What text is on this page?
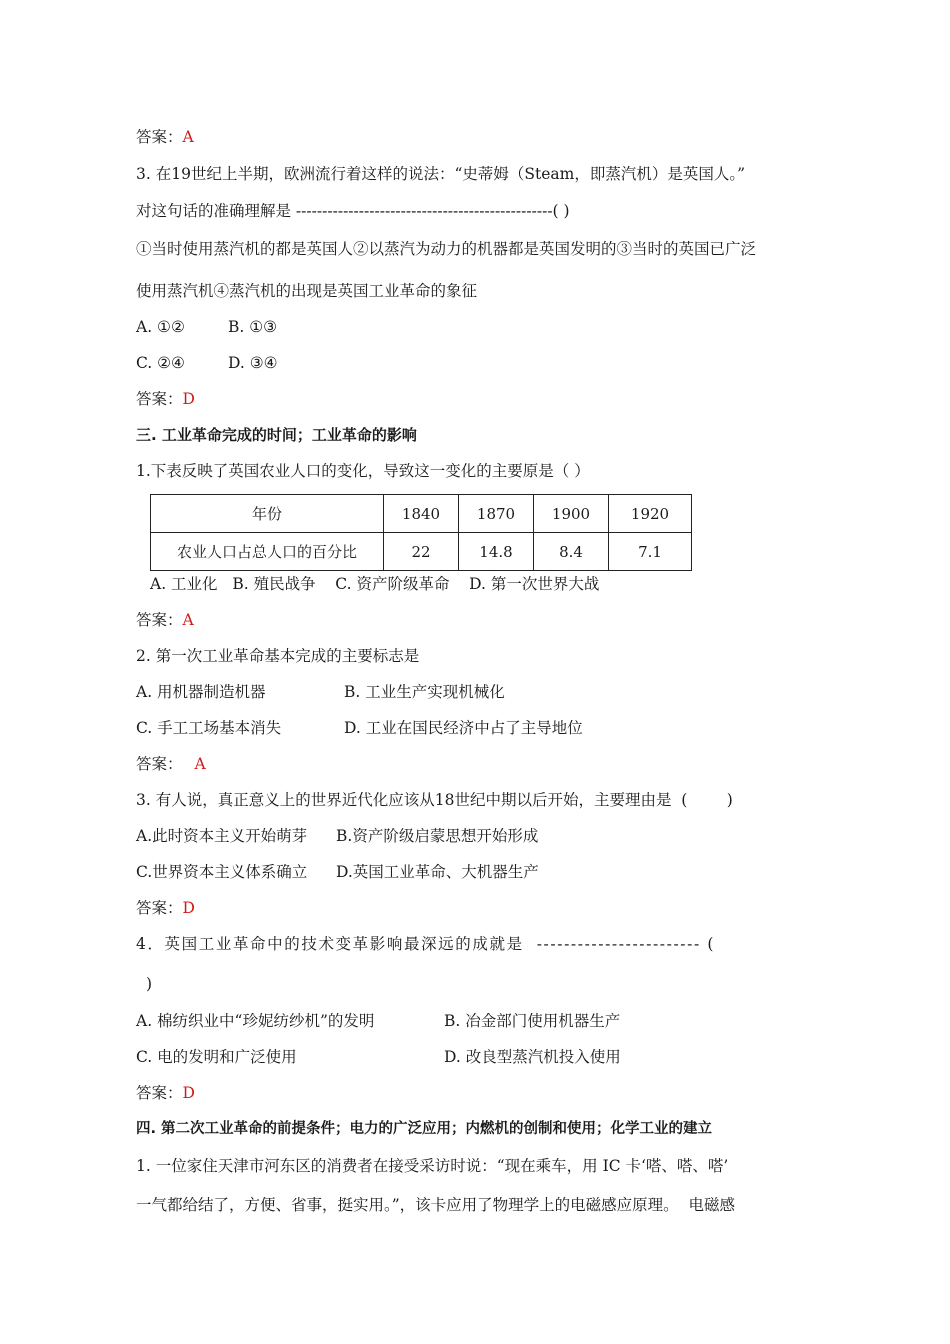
答案：A
3. 在19世纪上半期，欧洲流行着这样的说法：“史蒂姆（Steam，即蒸汽机）是英国人。”
对这句话的准确理解是 -------------------------------------------------( )
①当时使用蒸汽机的都是英国人②以蒸汽为动力的机器都是英国发明的③当时的英国已广泛
使用蒸汽机④蒸汽机的出现是英国工业革命的象征
A. ①②	B. ①③
C. ②④	D. ③④
答案：D
三. 工业革命完成的时间；工业革命的影响
1.下表反映了英国农业人口的变化，导致这一变化的主要原是（ ）
年份	1840	1870	1900	1920
农业人口占总人口的百分比	22	14.8	8.4	7.1
A. 工业化   B. 殖民战争    C. 资产阶级革命    D. 第一次世界大战
答案：A
2. 第一次工业革命基本完成的主要标志是
A. 用机器制造机器	B. 工业生产实现机械化
C. 手工工场基本消失	D. 工业在国民经济中占了主导地位
答案： A
3. 有人说，真正意义上的世界近代化应该从18世纪中期以后开始，主要理由是  (        )
A.此时资本主义开始萌芽 B.资产阶级启蒙思想开始形成
C.世界资本主义体系确立 D.英国工业革命、大机器生产
答案：D
4．英国工业革命中的技术变革影响最深远的成就是  ------------------------ (
)
A. 棉纺织业中“珍妮纺纱机”的发明	B. 冶金部门使用机器生产
C. 电的发明和广泛使用	D. 改良型蒸汽机投入使用
答案：D
四. 第二次工业革命的前提条件；电力的广泛应用；内燃机的创制和使用；化学工业的建立
1. 一位家住天津市河东区的消费者在接受采访时说：“现在乘车，用 IC 卡‘嗒、嗒、嗒’
一气都给结了，方便、省事，挺实用。”，该卡应用了物理学上的电磁感应原理。  电磁感
